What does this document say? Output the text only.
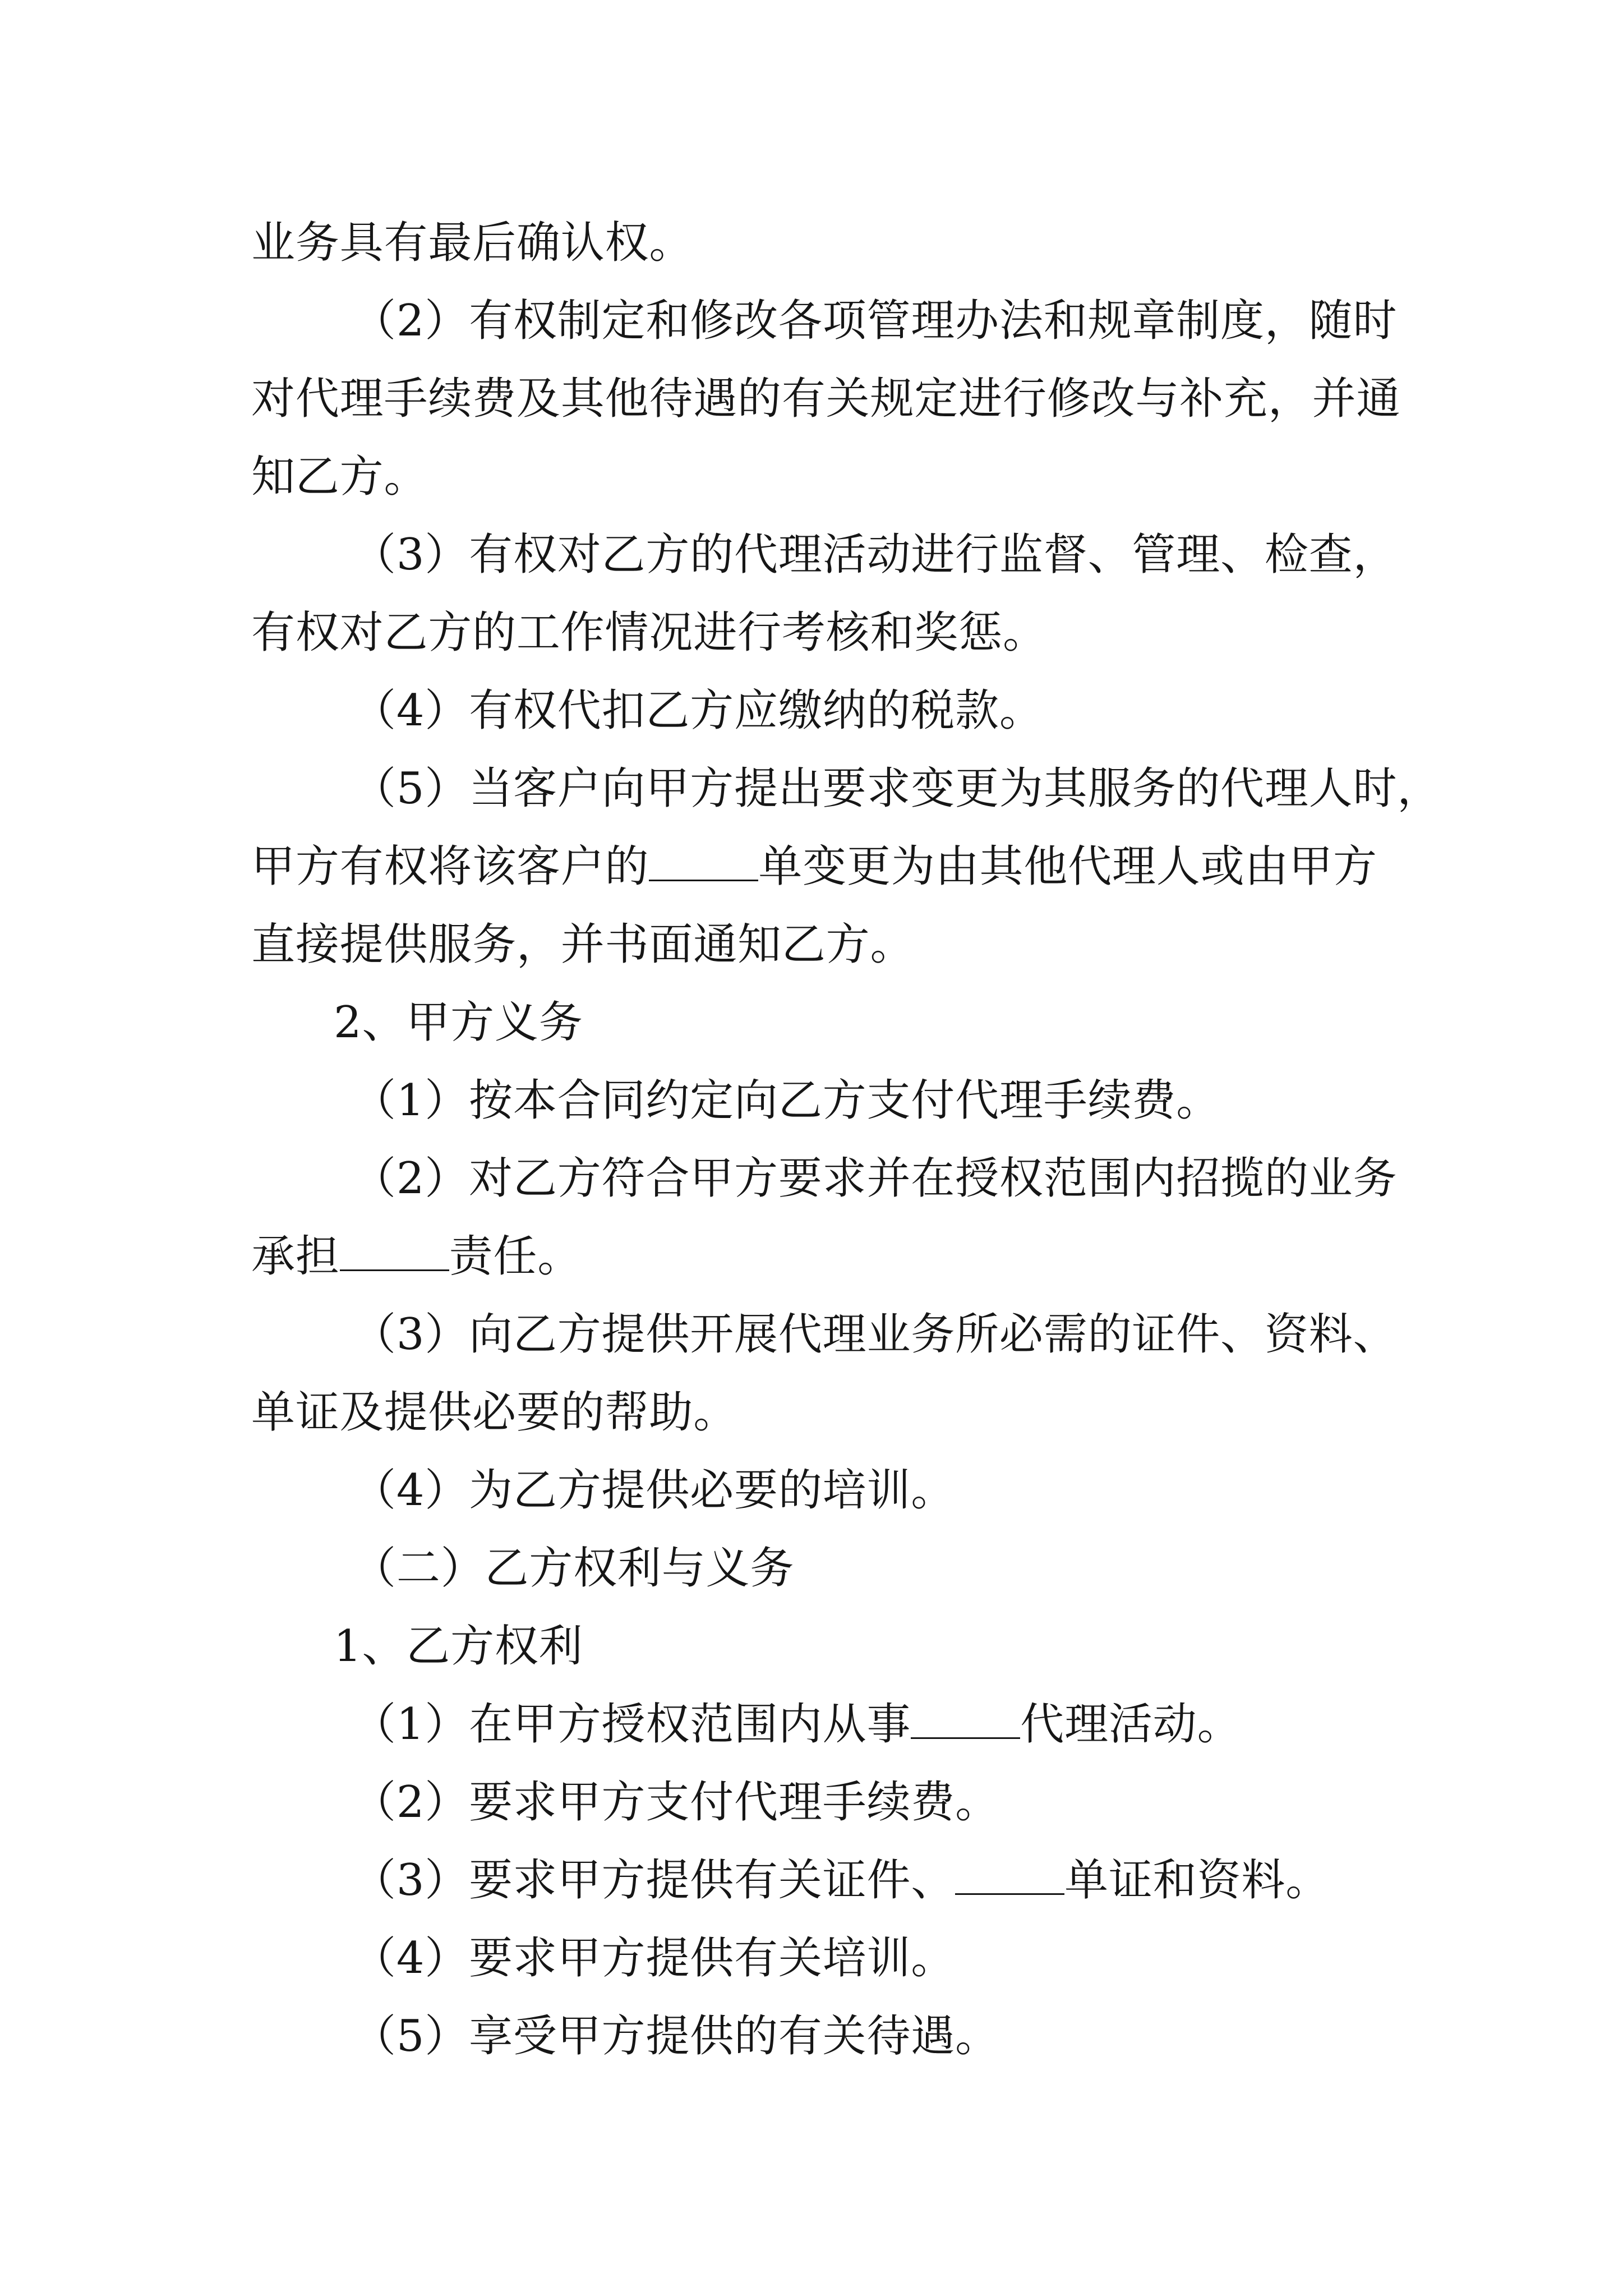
业务具有最后确认权。
（2）有权制定和修改各项管理办法和规章制度，随时
对代理手续费及其他待遇的有关规定进行修改与补充，并通
知乙方。
（3）有权对乙方的代理活动进行监督、管理、检查，
有权对乙方的工作情况进行考核和奖惩。
（4）有权代扣乙方应缴纳的税款。
（5）当客户向甲方提出要求变更为其服务的代理人时，
甲方有权将该客户的	单变更为由其他代理人或由甲方
直接提供服务，并书面通知乙方。
2、甲方义务
（1）按本合同约定向乙方支付代理手续费。
（2）对乙方符合甲方要求并在授权范围内招揽的业务
承担	责任。
（3）向乙方提供开展代理业务所必需的证件、资料、
单证及提供必要的帮助。
（4）为乙方提供必要的培训。
（二）乙方权利与义务
1、乙方权利
（1）在甲方授权范围内从事	代理活动。
（2）要求甲方支付代理手续费。
（3）要求甲方提供有关证件、	单证和资料。
（4）要求甲方提供有关培训。
（5）享受甲方提供的有关待遇。
